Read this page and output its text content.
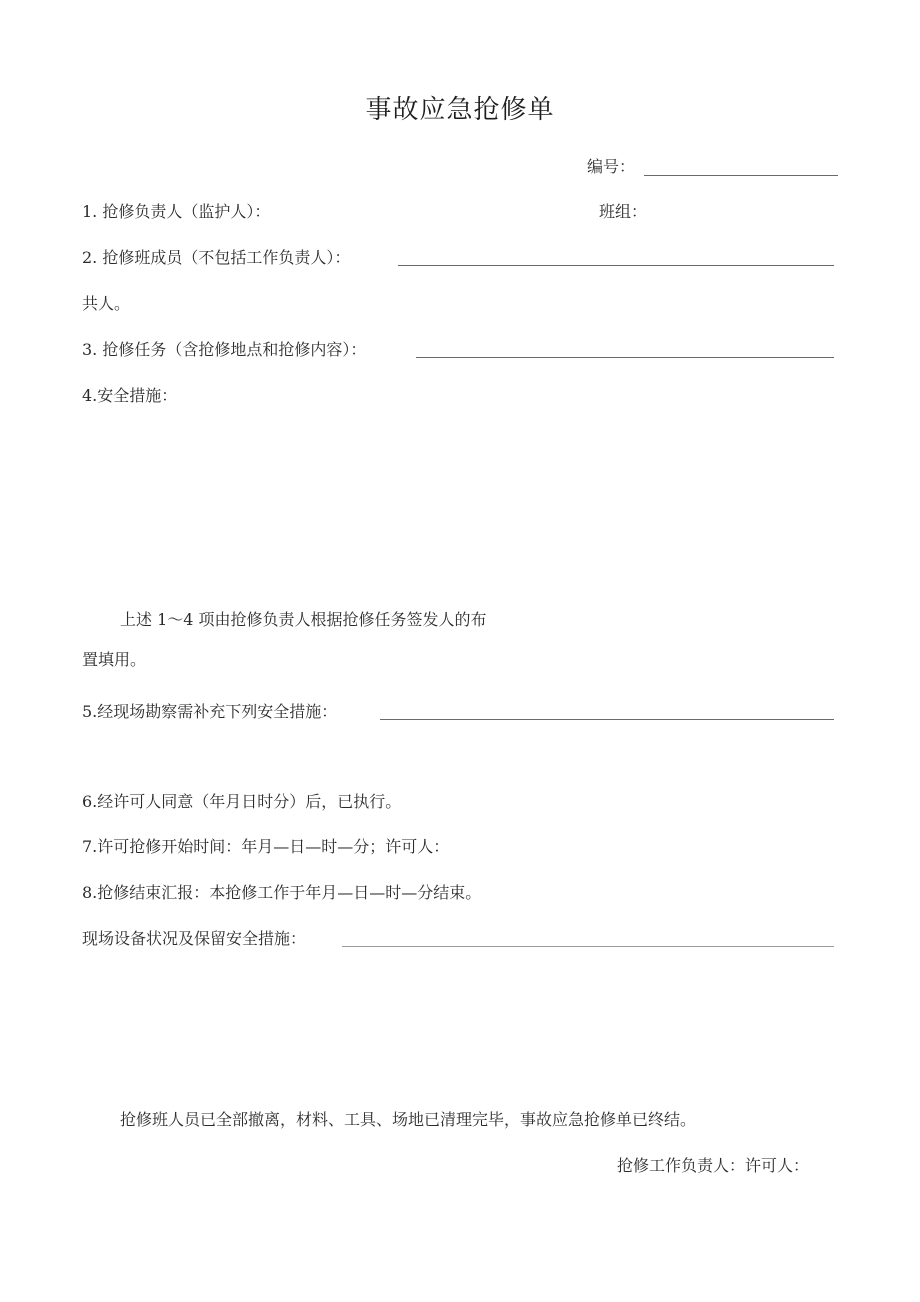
事故应急抢修单
编号：
1. 抢修负责人（监护人）：	班组：
2. 抢修班成员（不包括工作负责人）：
共人。
3. 抢修任务（含抢修地点和抢修内容）：
4.安全措施：
上述 1～4 项由抢修负责人根据抢修任务签发人的布
置填用。
5.经现场勘察需补充下列安全措施：
6.经许可人同意（年月日时分）后，已执行。
7.许可抢修开始时间：年月—日—时—分；许可人：
8.抢修结束汇报：本抢修工作于年月—日—时—分结束。
现场设备状况及保留安全措施：
抢修班人员已全部撤离，材料、工具、场地已清理完毕，事故应急抢修单已终结。
抢修工作负责人：许可人：
